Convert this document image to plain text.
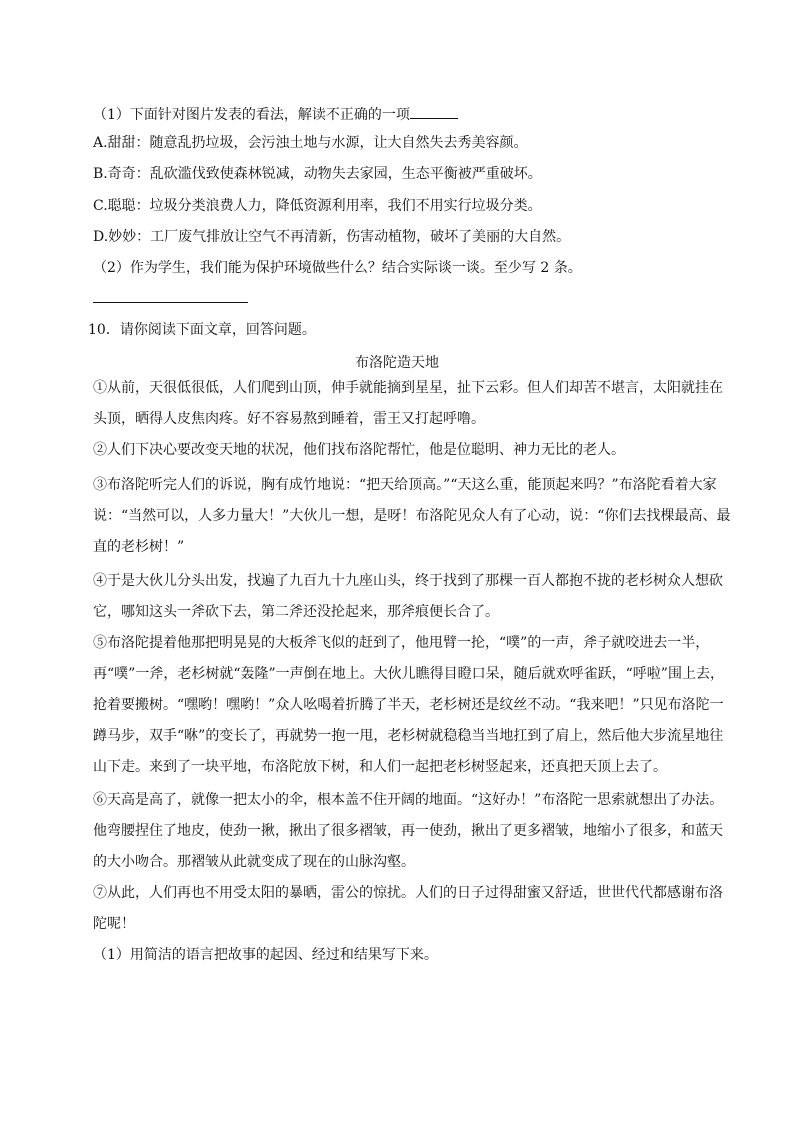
（1）下面针对图片发表的看法，解读不正确的一项
A.甜甜：随意乱扔垃圾，会污浊土地与水源，让大自然失去秀美容颜。
B.奇奇：乱砍滥伐致使森林锐减，动物失去家园，生态平衡被严重破坏。
C.聪聪：垃圾分类浪费人力，降低资源利用率，我们不用实行垃圾分类。
D.妙妙：工厂废气排放让空气不再清新，伤害动植物，破坏了美丽的大自然。
（2）作为学生，我们能为保护环境做些什么？结合实际谈一谈。至少写 2 条。
10．请你阅读下面文章，回答问题。
布洛陀造天地
①从前，天很低很低，人们爬到山顶，伸手就能摘到星星，扯下云彩。但人们却苦不堪言，太阳就挂在头顶，晒得人皮焦肉疼。好不容易熬到睡着，雷王又打起呼噜。
②人们下决心要改变天地的状况，他们找布洛陀帮忙，他是位聪明、神力无比的老人。
③布洛陀听完人们的诉说，胸有成竹地说：“把天给顶高。”“天这么重，能顶起来吗？”布洛陀看着大家说：“当然可以，人多力量大！”大伙儿一想，是呀！布洛陀见众人有了心动，说：“你们去找棵最高、最直的老杉树！”
④于是大伙儿分头出发，找遍了九百九十九座山头，终于找到了那棵一百人都抱不拢的老杉树众人想砍它，哪知这头一斧砍下去，第二斧还没抡起来，那斧痕便长合了。
⑤布洛陀提着他那把明晃晃的大板斧飞似的赶到了，他甩臂一抡，“噗”的一声，斧子就咬进去一半，再“噗”一斧，老杉树就“轰隆”一声倒在地上。大伙儿瞧得目瞪口呆，随后就欢呼雀跃，“呼啦”围上去，抢着要搬树。“嘿哟！嘿哟！”众人吆喝着折腾了半天，老杉树还是纹丝不动。“我来吧！”只见布洛陀一蹲马步，双手“咻”的变长了，再就势一抱一甩，老杉树就稳稳当当地扛到了肩上，然后他大步流星地往山下走。来到了一块平地，布洛陀放下树，和人们一起把老杉树竖起来，还真把天顶上去了。
⑥天高是高了，就像一把太小的伞，根本盖不住开阔的地面。“这好办！”布洛陀一思索就想出了办法。他弯腰捏住了地皮，使劲一揪，揪出了很多褶皱，再一使劲，揪出了更多褶皱，地缩小了很多，和蓝天的大小吻合。那褶皱从此就变成了现在的山脉沟壑。
⑦从此，人们再也不用受太阳的暴晒，雷公的惊扰。人们的日子过得甜蜜又舒适，世世代代都感谢布洛陀呢！
（1）用简洁的语言把故事的起因、经过和结果写下来。
